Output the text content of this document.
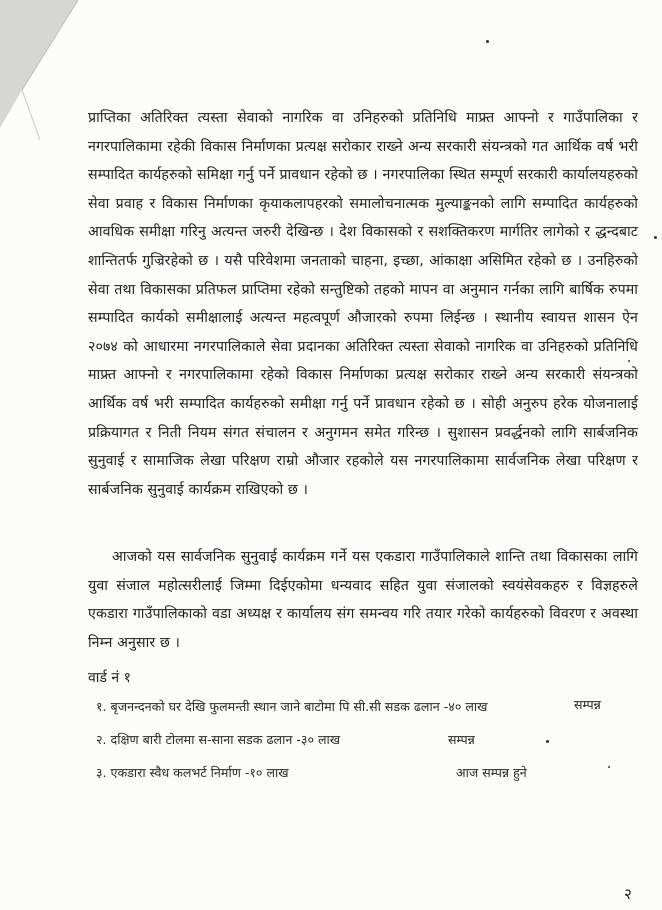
प्राप्तिका अतिरिक्त त्यस्ता सेवाको नागरिक वा उनिहरुको प्रतिनिधि माफ्र्त आफ्नो र गाउँपालिका र नगरपालिकामा रहेकी विकास निर्माणका प्रत्यक्ष सरोकार राख्ने अन्य सरकारी संयन्त्रको गत आर्थिक वर्ष भरी सम्पादित कार्यहरुको समिक्षा गर्नु पर्ने प्रावधान रहेको छ । नगरपालिका स्थित सम्पूर्ण सरकारी कार्यालयहरुको सेवा प्रवाह र विकास निर्माणका कृयाकलापहरको समालोचनात्मक मुल्याङ्कनको लागि सम्पादित कार्यहरुको आवधिक समीक्षा गरिनु अत्यन्त जरुरी देखिन्छ । देश विकासको र सशक्तिकरण मार्गतिर लागेको र द्धन्दबाट शान्तितर्फ गुज्रिरहेको छ । यसै परिवेशमा जनताको चाहना, इच्छा, आंकाक्षा असिमित रहेको छ । उनहिरुको सेवा तथा विकासका प्रतिफल प्राप्तिमा रहेको सन्तुष्टिको तहको मापन वा अनुमान गर्नका लागि बार्षिक रुपमा सम्पादित कार्यको समीक्षालाई अत्यन्त महत्वपूर्ण औजारको रुपमा लिईन्छ । स्थानीय स्वायत्त शासन ऐन २०७४ को आधारमा नगरपालिकाले सेवा प्रदानका अतिरिक्त त्यस्ता सेवाको नागरिक वा उनिहरुको प्रतिनिधि माफ्र्त आफ्नो र नगरपालिकामा रहेको विकास निर्माणका प्रत्यक्ष सरोकार राख्ने अन्य सरकारी संयन्त्रको आर्थिक वर्ष भरी सम्पादित कार्यहरुको समीक्षा गर्नु पर्ने प्रावधान रहेको छ । सोही अनुरुप हरेक योजनालाई प्रक्रियागत र निती नियम संगत संचालन र अनुगमन समेत गरिन्छ । सुशासन प्रवर्द्धनको लागि सार्बजनिक सुनुवाई र सामाजिक लेखा परिक्षण राम्रो औजार रहकोले यस नगरपालिकामा सार्वजनिक लेखा परिक्षण र सार्बजनिक सुनुवाई कार्यक्रम राखिएको छ ।

आजको यस सार्वजनिक सुनुवाई कार्यक्रम गर्ने यस एकडारा गाउँपालिकाले शान्ति तथा विकासका लागि युवा संजाल महोत्सरीलाई जिम्मा दिईएकोमा धन्यवाद सहित युवा संजालको स्वयंसेवकहरु र विज्ञहरुले एकडारा गाउँपालिकाको वडा अध्यक्ष र कार्यालय संग समन्वय गरि तयार गरेको कार्यहरुको विवरण र अवस्था निम्न अनुसार छ ।

वार्ड नं १
१. बृजनन्दनको घर देखि फुलमन्ती स्थान जाने बाटोमा पि सी.सी सडक ढलान -४० लाख	सम्पन्न
२. दक्षिण बारी टोलमा स-साना सडक ढलान -३० लाख	सम्पन्न
३. एकडारा स्वैध कलभर्ट निर्माण -१० लाख	आज सम्पन्न हुने
२
